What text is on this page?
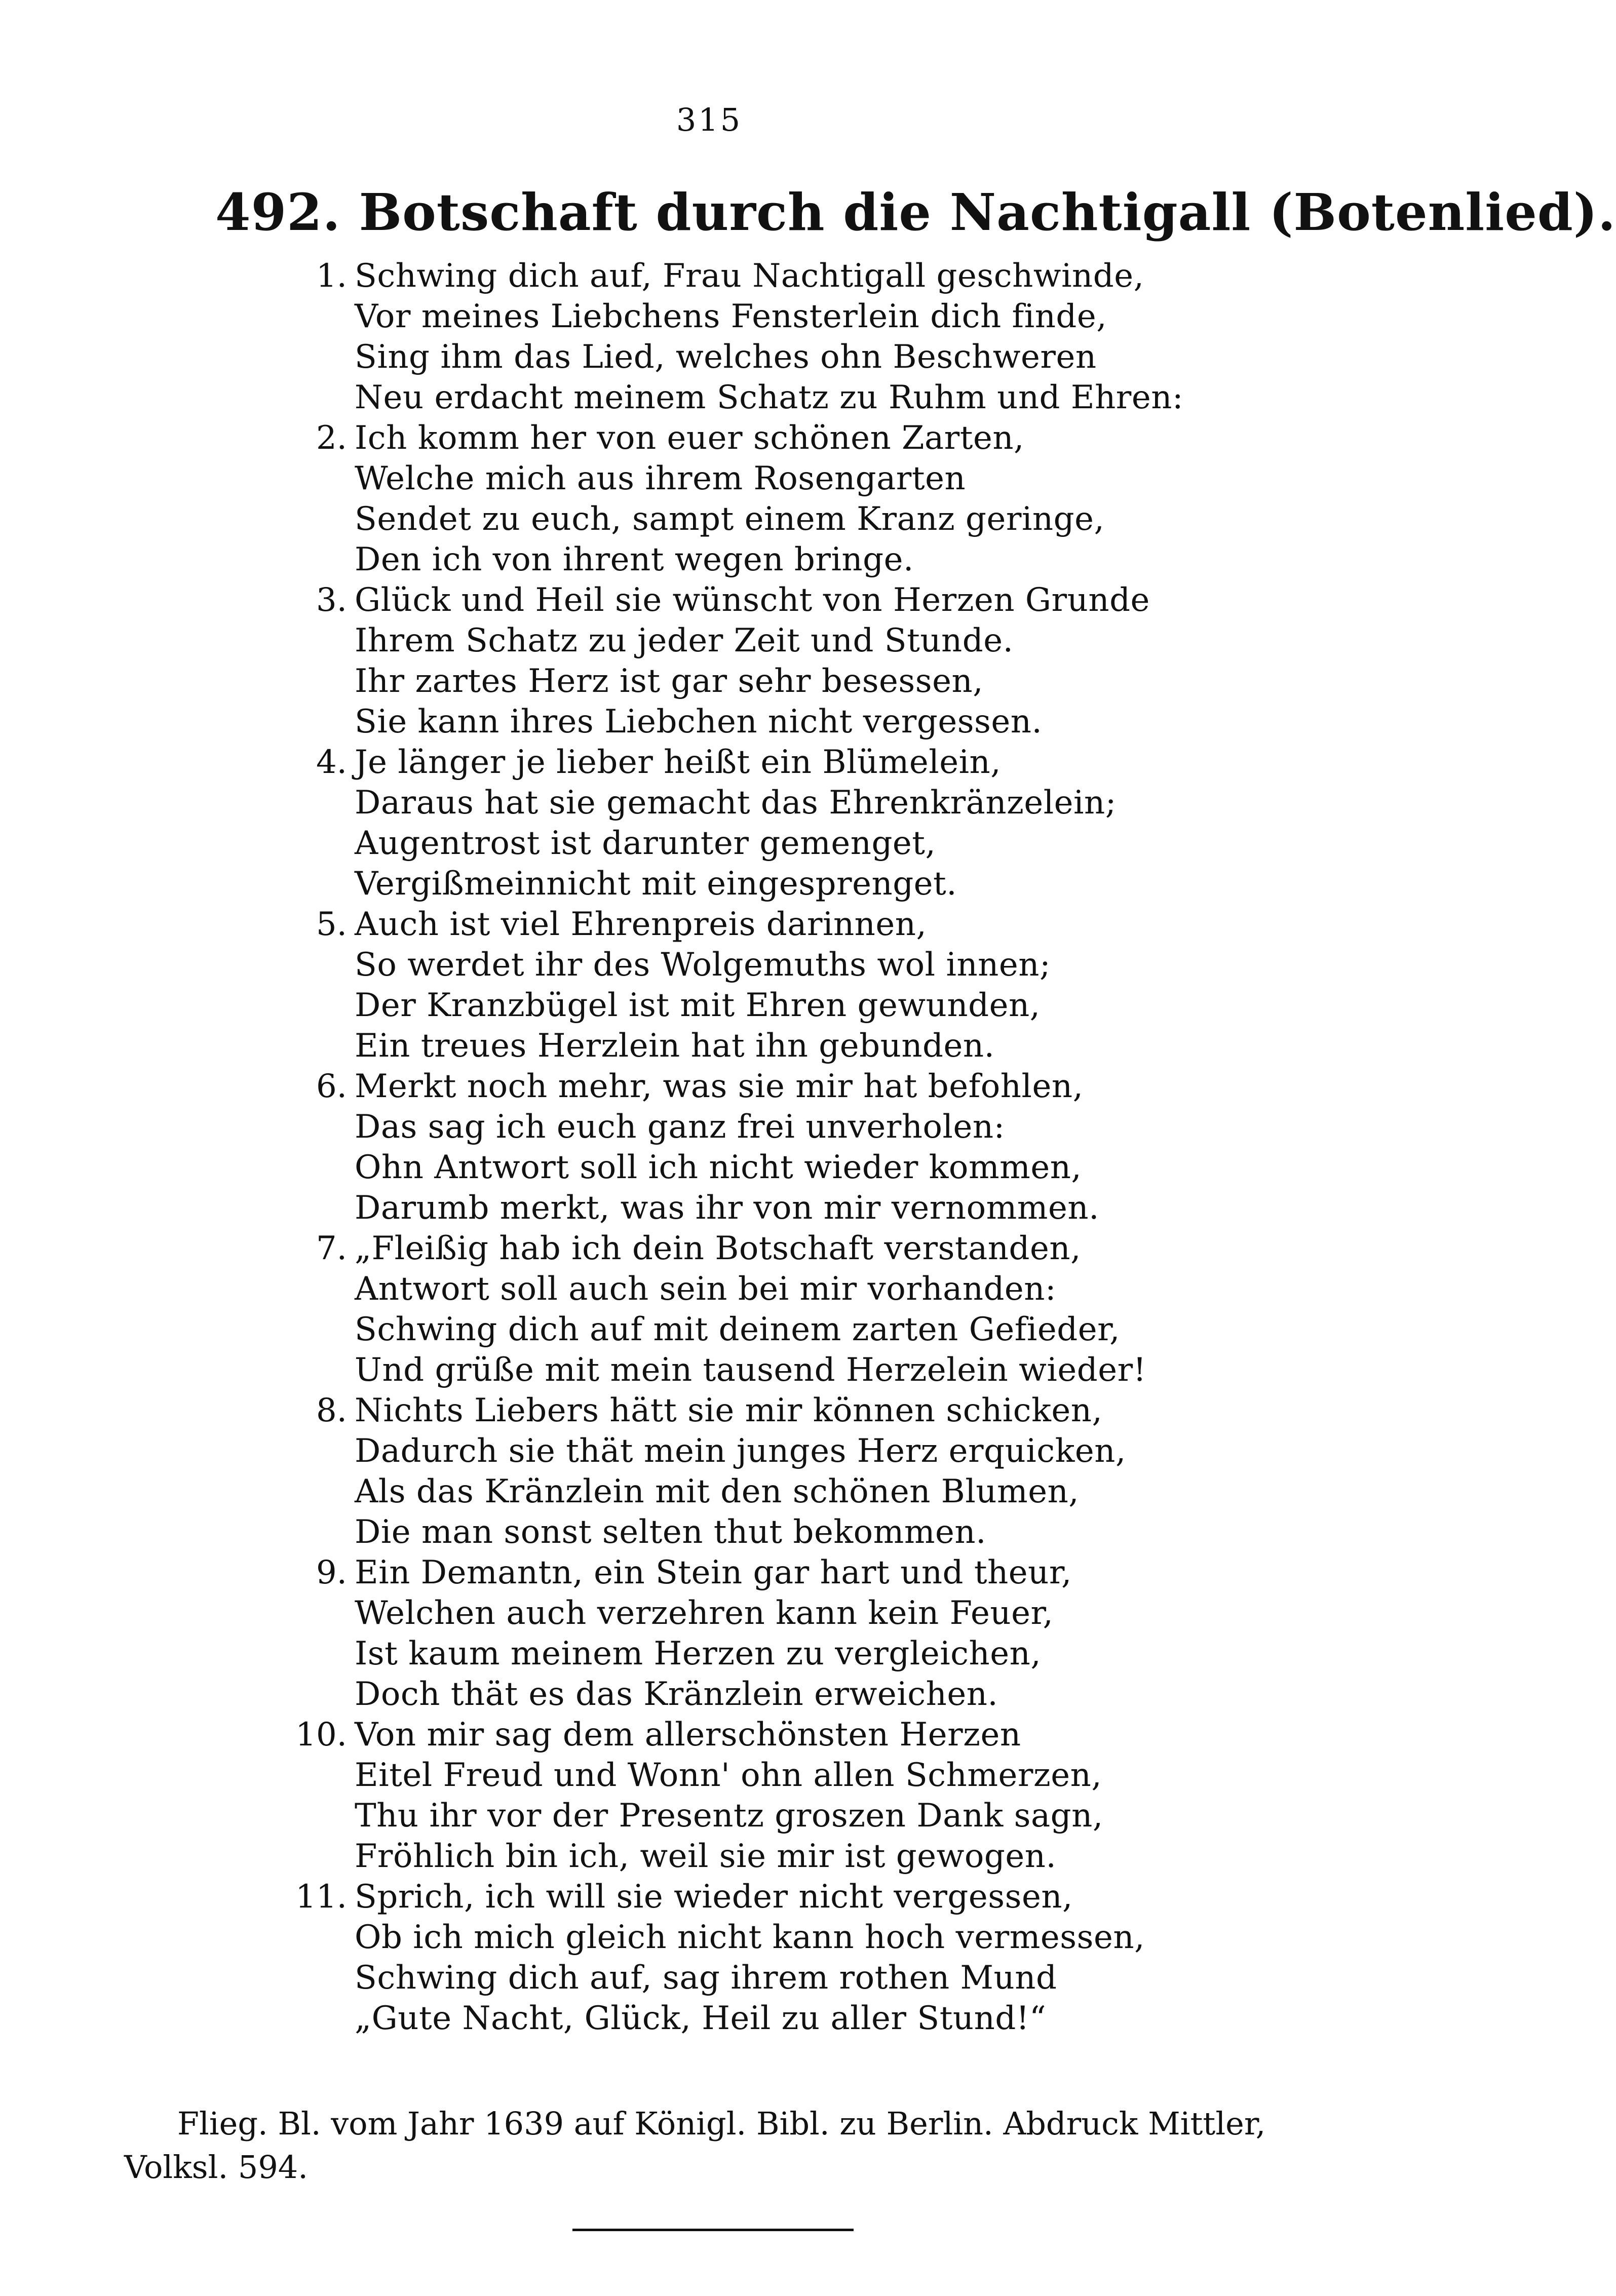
315
492. Botschaft durch die Nachtigall (Botenlied).
1. Schwing dich auf, Frau Nachtigall geschwinde,
Vor meines Liebchens Fensterlein dich finde,
Sing ihm das Lied, welches ohn Beschweren
Neu erdacht meinem Schatz zu Ruhm und Ehren:
2. Ich komm her von euer schönen Zarten,
Welche mich aus ihrem Rosengarten
Sendet zu euch, sampt einem Kranz geringe,
Den ich von ihrent wegen bringe.
3. Glück und Heil sie wünscht von Herzen Grunde
Ihrem Schatz zu jeder Zeit und Stunde.
Ihr zartes Herz ist gar sehr besessen,
Sie kann ihres Liebchen nicht vergessen.
4. Je länger je lieber heißt ein Blümelein,
Daraus hat sie gemacht das Ehrenkränzelein;
Augentrost ist darunter gemenget,
Vergißmeinnicht mit eingesprenget.
5. Auch ist viel Ehrenpreis darinnen,
So werdet ihr des Wolgemuths wol innen;
Der Kranzbügel ist mit Ehren gewunden,
Ein treues Herzlein hat ihn gebunden.
6. Merkt noch mehr, was sie mir hat befohlen,
Das sag ich euch ganz frei unverholen:
Ohn Antwort soll ich nicht wieder kommen,
Darumb merkt, was ihr von mir vernommen.
7. „Fleißig hab ich dein Botschaft verstanden,
Antwort soll auch sein bei mir vorhanden:
Schwing dich auf mit deinem zarten Gefieder,
Und grüße mit mein tausend Herzelein wieder!
8. Nichts Liebers hätt sie mir können schicken,
Dadurch sie thät mein junges Herz erquicken,
Als das Kränzlein mit den schönen Blumen,
Die man sonst selten thut bekommen.
9. Ein Demantn, ein Stein gar hart und theur,
Welchen auch verzehren kann kein Feuer,
Ist kaum meinem Herzen zu vergleichen,
Doch thät es das Kränzlein erweichen.
10. Von mir sag dem allerschönsten Herzen
Eitel Freud und Wonn' ohn allen Schmerzen,
Thu ihr vor der Presentz groszen Dank sagn,
Fröhlich bin ich, weil sie mir ist gewogen.
11. Sprich, ich will sie wieder nicht vergessen,
Ob ich mich gleich nicht kann hoch vermessen,
Schwing dich auf, sag ihrem rothen Mund
„Gute Nacht, Glück, Heil zu aller Stund!“
Flieg. Bl. vom Jahr 1639 auf Königl. Bibl. zu Berlin. Abdruck Mittler,
Volksl. 594.
